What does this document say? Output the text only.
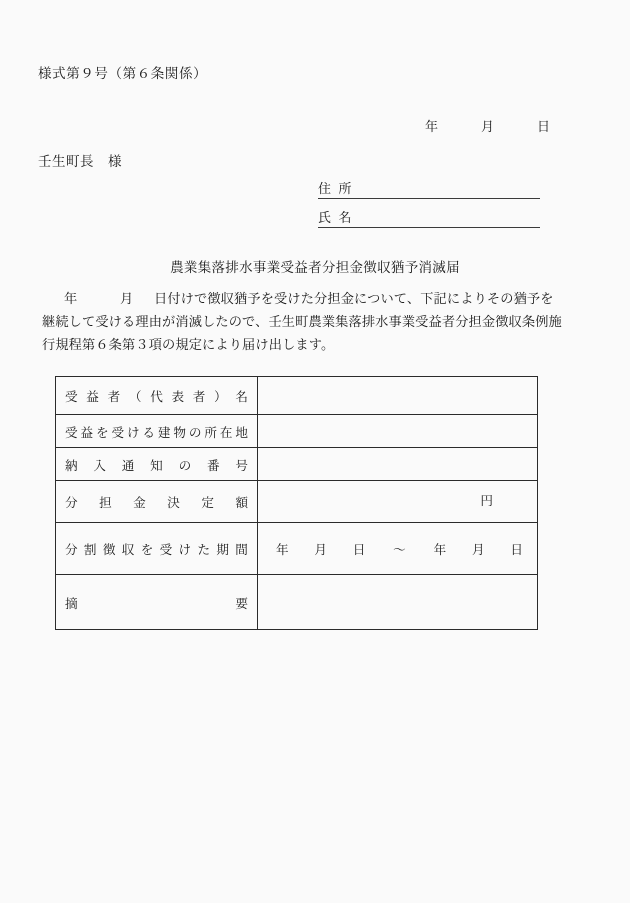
様式第９号（第６条関係）
年	月	日
壬生町長 様
住 所
氏 名
農業集落排水事業受益者分担金徴収猶予消滅届
年	月 日付けで徴収猶予を受けた分担金について、下記によりその猶予を
継続して受ける理由が消滅したので、壬生町農業集落排水事業受益者分担金徴収条例施
行規程第６条第３項の規定により届け出します。
受 益 者 （ 代 表 者 ） 名

受 益 を 受 け る 建 物 の 所 在 地

納 入 通 知 の 番 号

分 担 金 決 定 額	円

分 割 徴 収 を 受 け た 期 間	年 月 日 〜 年 月 日

摘 要	
